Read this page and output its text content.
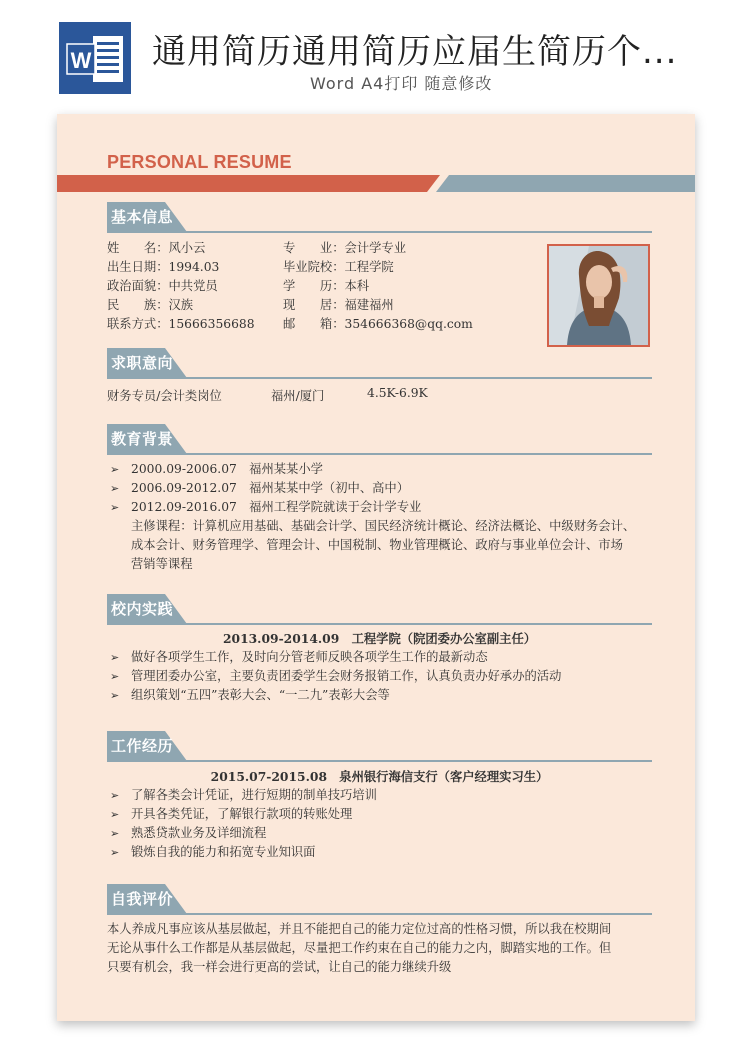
W 通用简历通用简历应届生简历个...
Word A4打印 随意修改
PERSONAL RESUME
基本信息
姓　　名：风小云
出生日期：1994.03
政治面貌：中共党员
民　　族：汉族
联系方式：15666356688
专　　业：会计学专业
毕业院校：工程学院
学　　历：本科
现　　居：福建福州
邮　　箱：354666368@qq.com
求职意向
财务专员/会计类岗位	福州/厦门	4.5K-6.9K
教育背景
➢ 2000.09-2006.07　福州某某小学
➢ 2006.09-2012.07　福州某某中学（初中、高中）
➢ 2012.09-2016.07　福州工程学院就读于会计学专业
主修课程：计算机应用基础、基础会计学、国民经济统计概论、经济法概论、中级财务会计、
成本会计、财务管理学、管理会计、中国税制、物业管理概论、政府与事业单位会计、市场
营销等课程
校内实践
2013.09-2014.09　工程学院（院团委办公室副主任）
➢ 做好各项学生工作，及时向分管老师反映各项学生工作的最新动态
➢ 管理团委办公室，主要负责团委学生会财务报销工作，认真负责办好承办的活动
➢ 组织策划“五四”表彰大会、“一二九”表彰大会等
工作经历
2015.07-2015.08　泉州银行海信支行（客户经理实习生）
➢ 了解各类会计凭证，进行短期的制单技巧培训
➢ 开具各类凭证，了解银行款项的转账处理
➢ 熟悉贷款业务及详细流程
➢ 锻炼自我的能力和拓宽专业知识面
自我评价
本人养成凡事应该从基层做起，并且不能把自己的能力定位过高的性格习惯，所以我在校期间
无论从事什么工作都是从基层做起，尽量把工作约束在自己的能力之内，脚踏实地的工作。但
只要有机会，我一样会进行更高的尝试，让自己的能力继续升级
